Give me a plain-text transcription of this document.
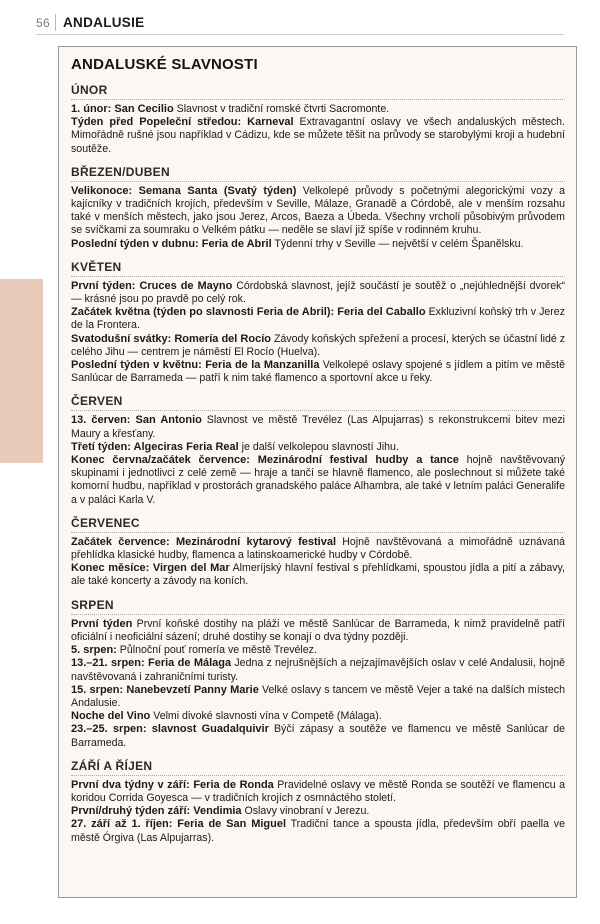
56 ANDALUSIE
ANDALUSKÉ SLAVNOSTI
ÚNOR

1. únor: San Cecilio Slavnost v tradiční romské čtvrti Sacromonte.

Týden před Popeleční středou: Karneval Extravagantní oslavy ve všech andaluských městech. Mimořádně rušné jsou například v Cádizu, kde se můžete těšit na průvody se starobylými kroji a hudební soutěže.

BŘEZEN/DUBEN

Velikonoce: Semana Santa (Svatý týden) Velkolepé průvody s početnými alegorickými vozy a kajícníky v tradičních krojích, především v Seville, Málaze, Granadě a Córdobě, ale v menším rozsahu také v menších městech, jako jsou Jerez, Arcos, Baeza a Úbeda. Všechny vrcholí působivým průvodem se svíčkami za soumraku o Velkém pátku — neděle se slaví již spíše v rodinném kruhu.

Poslední týden v dubnu: Feria de Abril Týdenní trhy v Seville — největší v celém Španělsku.

KVĚTEN

První týden: Cruces de Mayno Córdobská slavnost, jejíž součástí je soutěž o „nejúhlednější dvorek“ — krásné jsou po pravdě po celý rok.

Začátek května (týden po slavnosti Feria de Abril): Feria del Caballo Exkluzivní koňský trh v Jerez de la Frontera.

Svatodušní svátky: Romería del Rocío Závody koňských spřežení a procesí, kterých se účastní lidé z celého Jihu — centrem je náměstí El Rocío (Huelva).

Poslední týden v květnu: Feria de la Manzanilla Velkolepé oslavy spojené s jídlem a pitím ve městě Sanlúcar de Barrameda — patří k nim také flamenco a sportovní akce u řeky.

ČERVEN

13. červen: San Antonio Slavnost ve městě Trevélez (Las Alpujarras) s rekonstrukcemi bitev mezi Maury a křesťany.

Třetí týden: Algeciras Feria Real je další velkolepou slavností Jihu.

Konec června/začátek července: Mezinárodní festival hudby a tance hojně navštěvovaný skupinami i jednotlivci z celé země — hraje a tančí se hlavně flamenco, ale poslechnout si můžete také komorní hudbu, například v prostorách granadského paláce Alhambra, ale také v letním paláci Generalife a v paláci Karla V.

ČERVENEC

Začátek července: Mezinárodní kytarový festival Hojně navštěvovaná a mimořádně uznávaná přehlídka klasické hudby, flamenca a latinskoamerické hudby v Córdobě.

Konec měsíce: Virgen del Mar Almeríjský hlavní festival s přehlídkami, spoustou jídla a pití a zábavy, ale také koncerty a závody na koních.

SRPEN

První týden První koňské dostihy na pláži ve městě Sanlúcar de Barrameda, k nimž pravidelně patří oficiální i neoficiální sázení; druhé dostihy se konají o dva týdny později.

5. srpen: Půlnoční pouť romería ve městě Trevélez.

13.–21. srpen: Feria de Málaga Jedna z nejrušnějších a nejzajímavějších oslav v celé Andalusii, hojně navštěvovaná i zahraničními turisty.

15. srpen: Nanebevzetí Panny Marie Velké oslavy s tancem ve městě Vejer a také na dalších místech Andalusie.

Noche del Vino Velmi divoké slavnosti vína v Competě (Málaga).

23.–25. srpen: slavnost Guadalquivir Býčí zápasy a soutěže ve flamencu ve městě Sanlúcar de Barrameda.

ZÁŘÍ A ŘÍJEN

První dva týdny v září: Feria de Ronda Pravidelné oslavy ve městě Ronda se soutěží ve flamencu a koridou Corrida Goyesca — v tradičních krojích z osmnáctého století.

První/druhý týden září: Vendimia Oslavy vinobraní v Jerezu.

27. září až 1. říjen: Feria de San Miguel Tradiční tance a spousta jídla, především obří paella ve městě Órgiva (Las Alpujarras).
